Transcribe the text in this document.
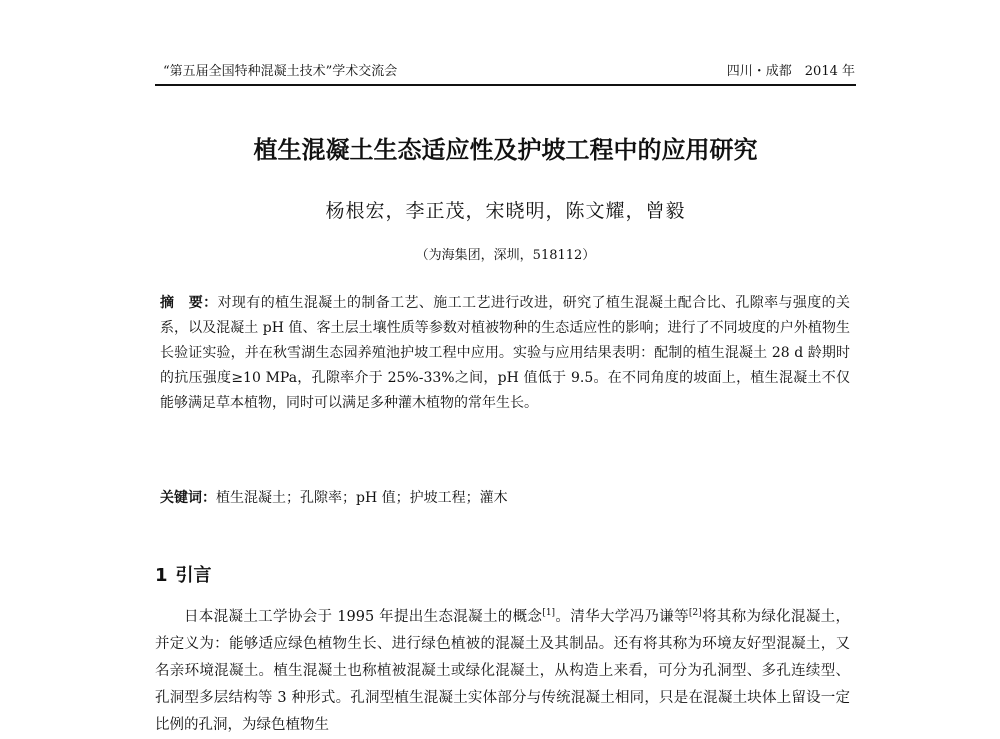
“第五届全国特种混凝土技术”学术交流会	四川・成都　2014 年
植生混凝土生态适应性及护坡工程中的应用研究
杨根宏，李正茂，宋晓明，陈文耀，曾毅
（为海集团，深圳，518112）
摘　要：对现有的植生混凝土的制备工艺、施工工艺进行改进，研究了植生混凝土配合比、孔隙率与强度的关系，以及混凝土 pH 值、客土层土壤性质等参数对植被物种的生态适应性的影响；进行了不同坡度的户外植物生长验证实验，并在秋雪湖生态园养殖池护坡工程中应用。实验与应用结果表明：配制的植生混凝土 28 d 龄期时的抗压强度≥10 MPa，孔隙率介于 25%-33%之间，pH 值低于 9.5。在不同角度的坡面上，植生混凝土不仅能够满足草本植物，同时可以满足多种灌木植物的常年生长。
关键词：植生混凝土；孔隙率；pH 值；护坡工程；灌木
1 引言
日本混凝土工学协会于 1995 年提出生态混凝土的概念[1]。清华大学冯乃谦等[2]将其称为绿化混凝土，并定义为：能够适应绿色植物生长、进行绿色植被的混凝土及其制品。还有将其称为环境友好型混凝土，又名亲环境混凝土。植生混凝土也称植被混凝土或绿化混凝土，从构造上来看，可分为孔洞型、多孔连续型、孔洞型多层结构等 3 种形式。孔洞型植生混凝土实体部分与传统混凝土相同，只是在混凝土块体上留设一定比例的孔洞，为绿色植物生
